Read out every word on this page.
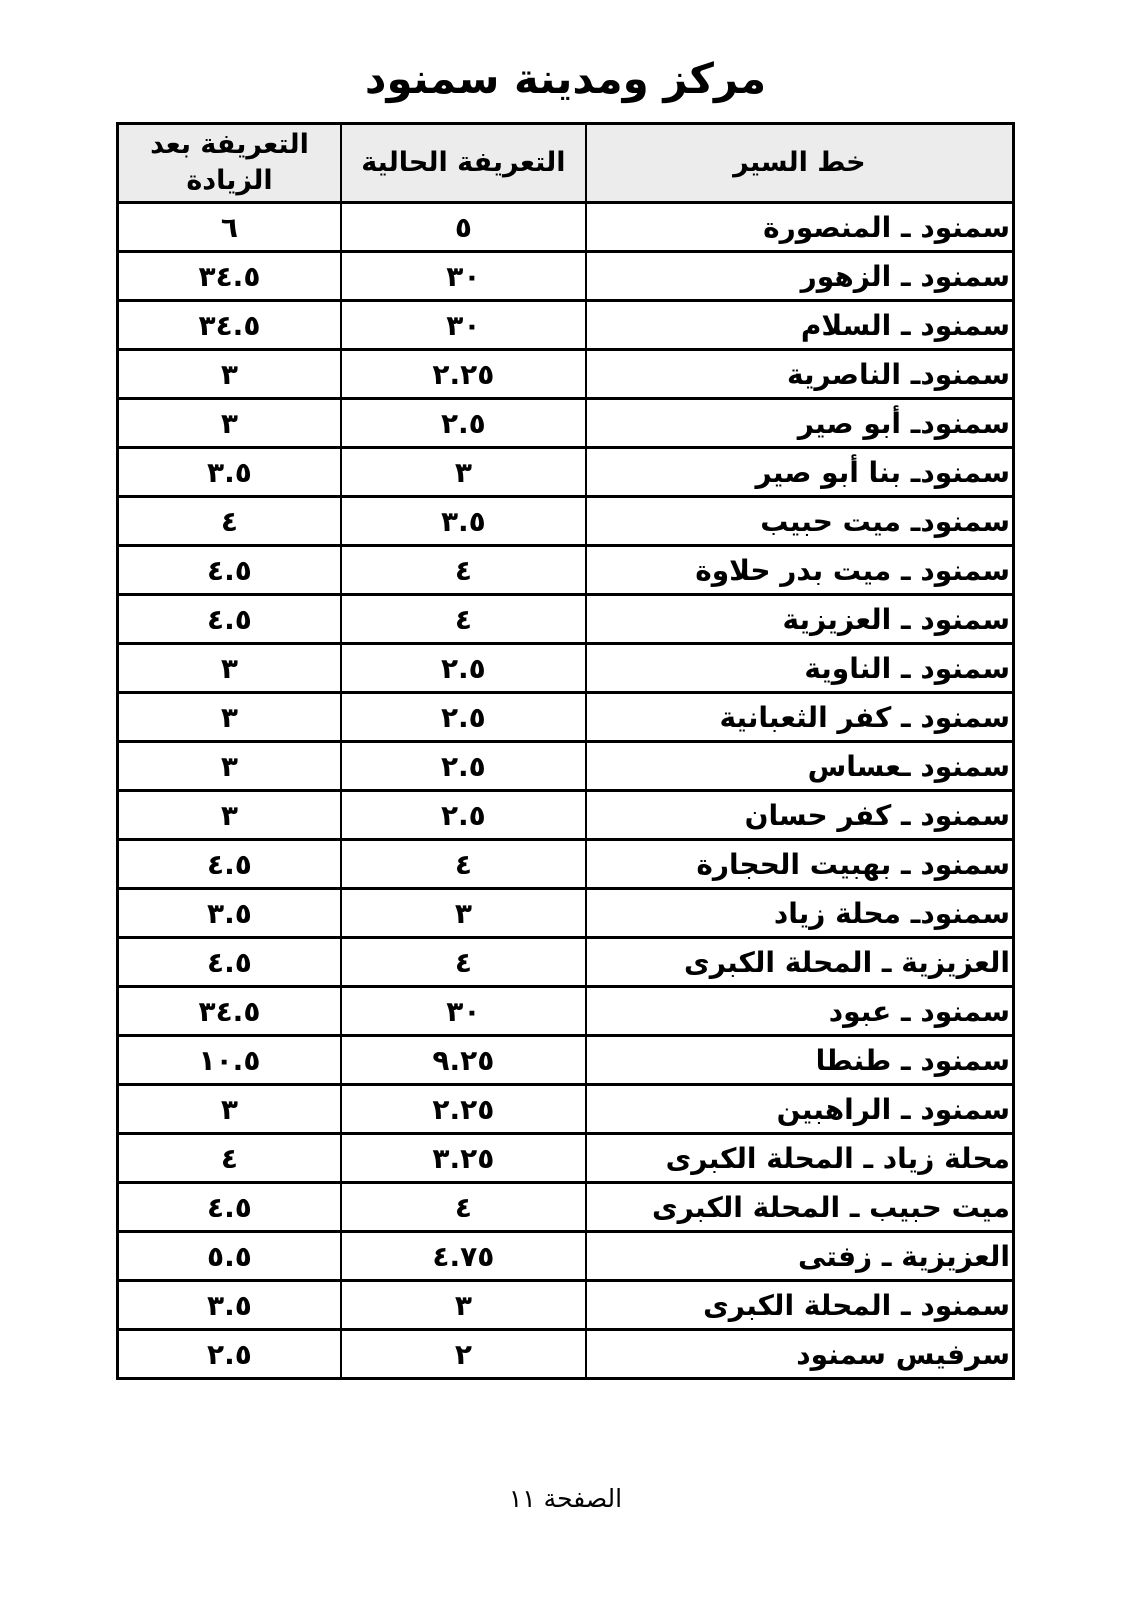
مركز ومدينة سمنود
خط السير	التعريفة الحالية	التعريفة بعد الزيادة
سمنود ـ المنصورة	٥	٦
سمنود ـ الزهور	٣٠	٣٤.٥
سمنود ـ السلام	٣٠	٣٤.٥
سمنودـ الناصرية	٢.٢٥	٣
سمنودـ أبو صير	٢.٥	٣
سمنودـ بنا أبو صير	٣	٣.٥
سمنودـ ميت حبيب	٣.٥	٤
سمنود ـ ميت بدر حلاوة	٤	٤.٥
سمنود ـ العزيزية	٤	٤.٥
سمنود ـ الناوية	٢.٥	٣
سمنود ـ كفر الثعبانية	٢.٥	٣
سمنود ـعساس	٢.٥	٣
سمنود ـ كفر حسان	٢.٥	٣
سمنود ـ بهبيت الحجارة	٤	٤.٥
سمنودـ محلة زياد	٣	٣.٥
العزيزية ـ المحلة الكبرى	٤	٤.٥
سمنود ـ عبود	٣٠	٣٤.٥
سمنود ـ طنطا	٩.٢٥	١٠.٥
سمنود ـ الراهبين	٢.٢٥	٣
محلة زياد ـ المحلة الكبرى	٣.٢٥	٤
ميت حبيب ـ المحلة الكبرى	٤	٤.٥
العزيزية ـ زفتى	٤.٧٥	٥.٥
سمنود ـ المحلة الكبرى	٣	٣.٥
سرفيس سمنود	٢	٢.٥
الصفحة ١١
